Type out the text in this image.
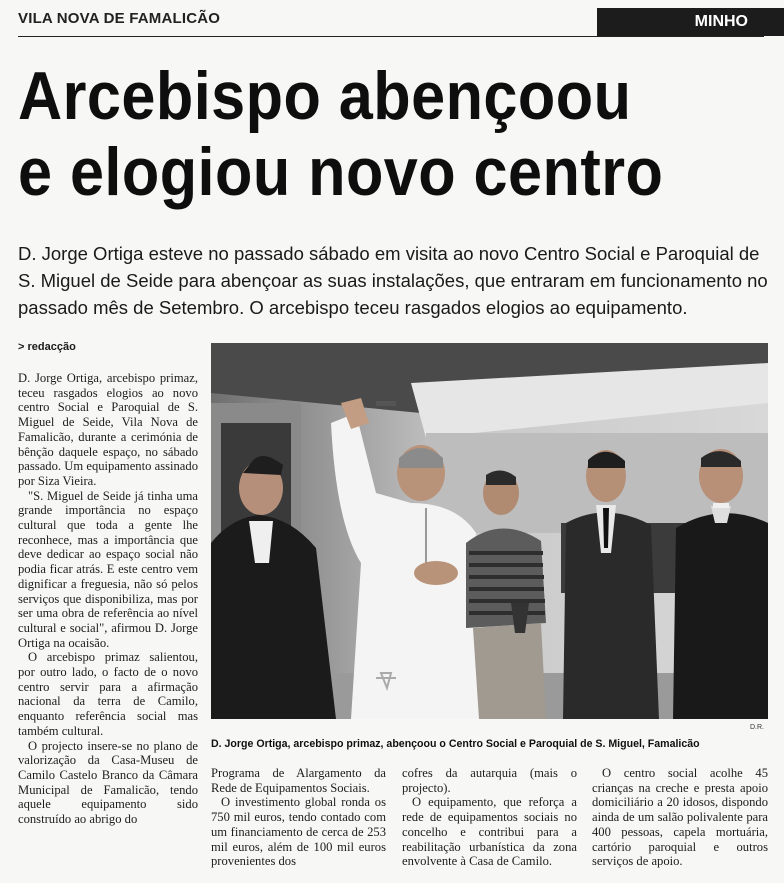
VILA NOVA DE FAMALICÃO	MINHO
Arcebispo abençoou
e elogiou novo centro
D. Jorge Ortiga esteve no passado sábado em visita ao novo Centro Social e Paroquial de S. Miguel de Seide para abençoar as suas instalações, que entraram em funcionamento no passado mês de Setembro. O arcebispo teceu rasgados elogios ao equipamento.
> redacção

D. Jorge Ortiga, arcebispo primaz, teceu rasgados elogios ao novo centro Social e Paroquial de S. Miguel de Seide, Vila Nova de Famalicão, durante a cerimónia de bênção daquele espaço, no sábado passado. Um equipamento assinado por Siza Vieira.

"S. Miguel de Seide já tinha uma grande importância no espaço cultural que toda a gente lhe reconhece, mas a importância que deve dedicar ao espaço social não podia ficar atrás. E este centro vem dignificar a freguesia, não só pelos serviços que disponibiliza, mas por ser uma obra de referência ao nível cultural e social", afirmou D. Jorge Ortiga na ocaisão.

O arcebispo primaz salientou, por outro lado, o facto de o novo centro servir para a afirmação nacional da terra de Camilo, enquanto referência social mas também cultural.

O projecto insere-se no plano de valorização da Casa-Museu de Camilo Castelo Branco da Câmara Municipal de Famalicão, tendo aquele equipamento sido construído ao abrigo do

D.R.
D. Jorge Ortiga, arcebispo primaz, abençoou o Centro Social e Paroquial de S. Miguel, Famalicão

Programa de Alargamento da Rede de Equipamentos Sociais.

O investimento global ronda os 750 mil euros, tendo contado com um financiamento de cerca de 253 mil euros, além de 100 mil euros provenientes dos

cofres da autarquia (mais o projecto).

O equipamento, que reforça a rede de equipamentos sociais no concelho e contribui para a reabilitação urbanística da zona envolvente à Casa de Camilo.

O centro social acolhe 45 crianças na creche e presta apoio domiciliário a 20 idosos, dispondo ainda de um salão polivalente para 400 pessoas, capela mortuária, cartório paroquial e outros serviços de apoio.
